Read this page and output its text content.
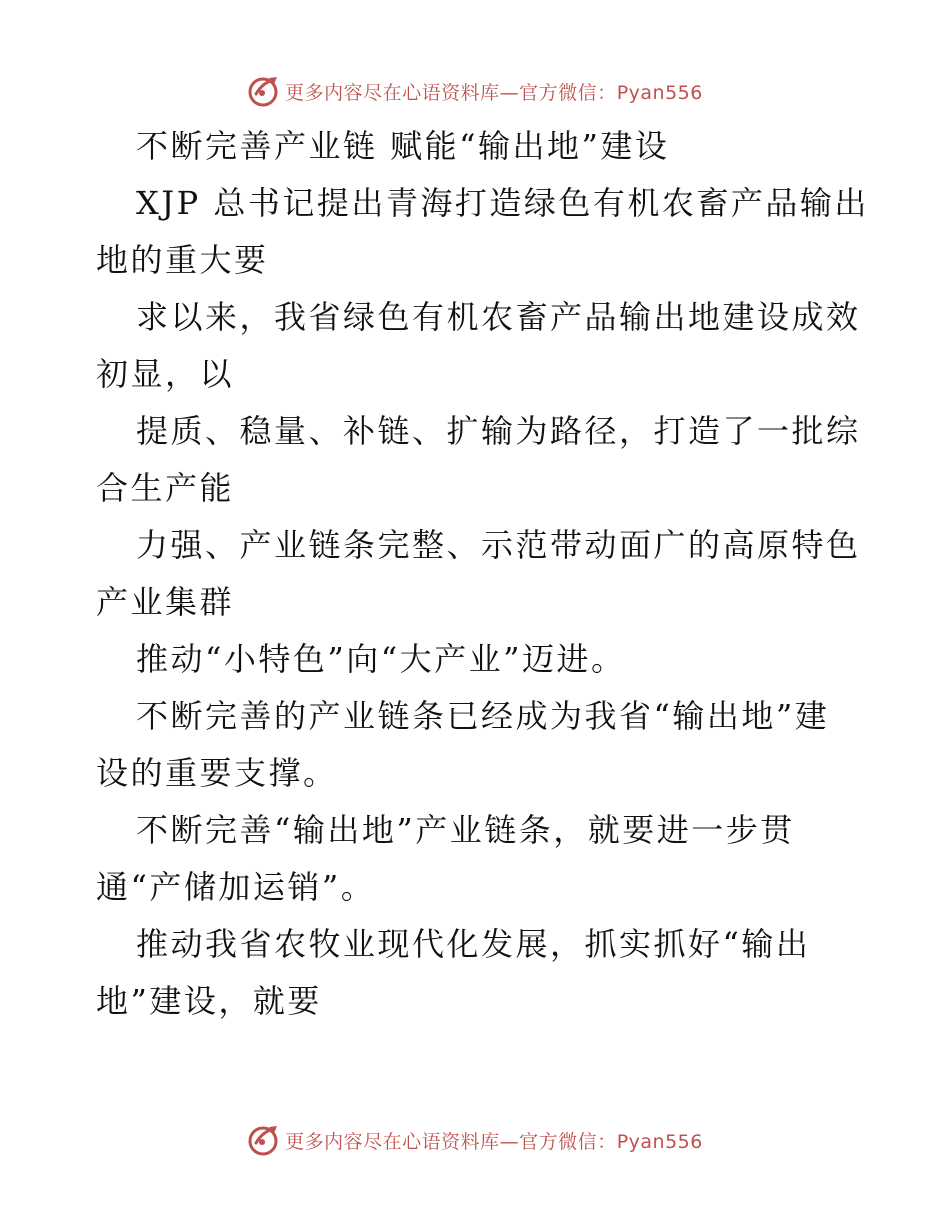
更多内容尽在心语资料库—官方微信：Pyan556
不断完善产业链 赋能“输出地”建设
XJP 总书记提出青海打造绿色有机农畜产品输出
地的重大要
求以来，我省绿色有机农畜产品输出地建设成效
初显，以
提质、稳量、补链、扩输为路径，打造了一批综
合生产能
力强、产业链条完整、示范带动面广的高原特色
产业集群
推动“小特色”向“大产业”迈进。
不断完善的产业链条已经成为我省“输出地”建
设的重要支撑。
不断完善“输出地”产业链条，就要进一步贯
通“产储加运销”。
推动我省农牧业现代化发展，抓实抓好“输出
地”建设，就要
更多内容尽在心语资料库—官方微信：Pyan556
